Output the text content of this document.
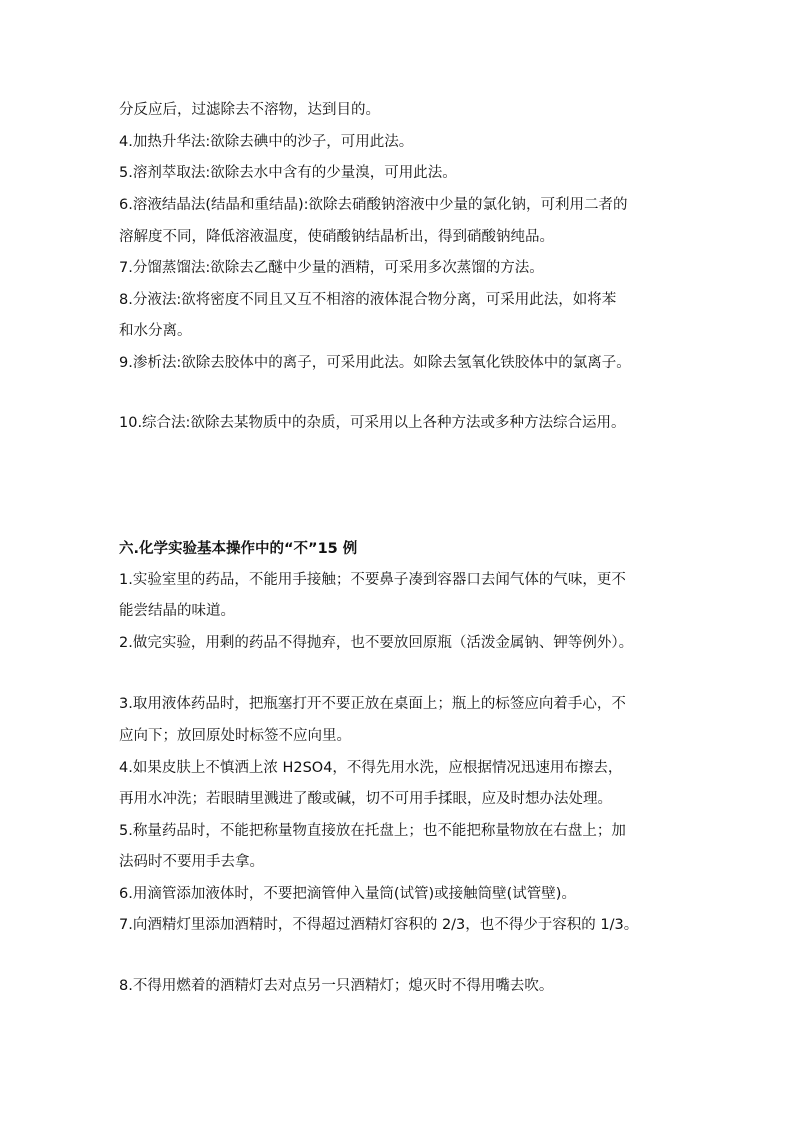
分反应后，过滤除去不溶物，达到目的。

4.加热升华法:欲除去碘中的沙子，可用此法。

5.溶剂萃取法:欲除去水中含有的少量溴，可用此法。

6.溶液结晶法(结晶和重结晶):欲除去硝酸钠溶液中少量的氯化钠，可利用二者的

溶解度不同，降低溶液温度，使硝酸钠结晶析出，得到硝酸钠纯品。

7.分馏蒸馏法:欲除去乙醚中少量的酒精，可采用多次蒸馏的方法。

8.分液法:欲将密度不同且又互不相溶的液体混合物分离，可采用此法，如将苯

和水分离。

9.渗析法:欲除去胶体中的离子，可采用此法。如除去氢氧化铁胶体中的氯离子。

10.综合法:欲除去某物质中的杂质，可采用以上各种方法或多种方法综合运用。

六.化学实验基本操作中的“不”15 例

1.实验室里的药品，不能用手接触；不要鼻子凑到容器口去闻气体的气味，更不

能尝结晶的味道。

2.做完实验，用剩的药品不得抛弃，也不要放回原瓶（活泼金属钠、钾等例外）。

3.取用液体药品时，把瓶塞打开不要正放在桌面上；瓶上的标签应向着手心，不

应向下；放回原处时标签不应向里。

4.如果皮肤上不慎洒上浓 H2SO4，不得先用水洗，应根据情况迅速用布擦去，

再用水冲洗；若眼睛里溅进了酸或碱，切不可用手揉眼，应及时想办法处理。

5.称量药品时，不能把称量物直接放在托盘上；也不能把称量物放在右盘上；加

法码时不要用手去拿。

6.用滴管添加液体时，不要把滴管伸入量筒(试管)或接触筒壁(试管壁)。

7.向酒精灯里添加酒精时，不得超过酒精灯容积的 2/3，也不得少于容积的 1/3。

8.不得用燃着的酒精灯去对点另一只酒精灯；熄灭时不得用嘴去吹。
